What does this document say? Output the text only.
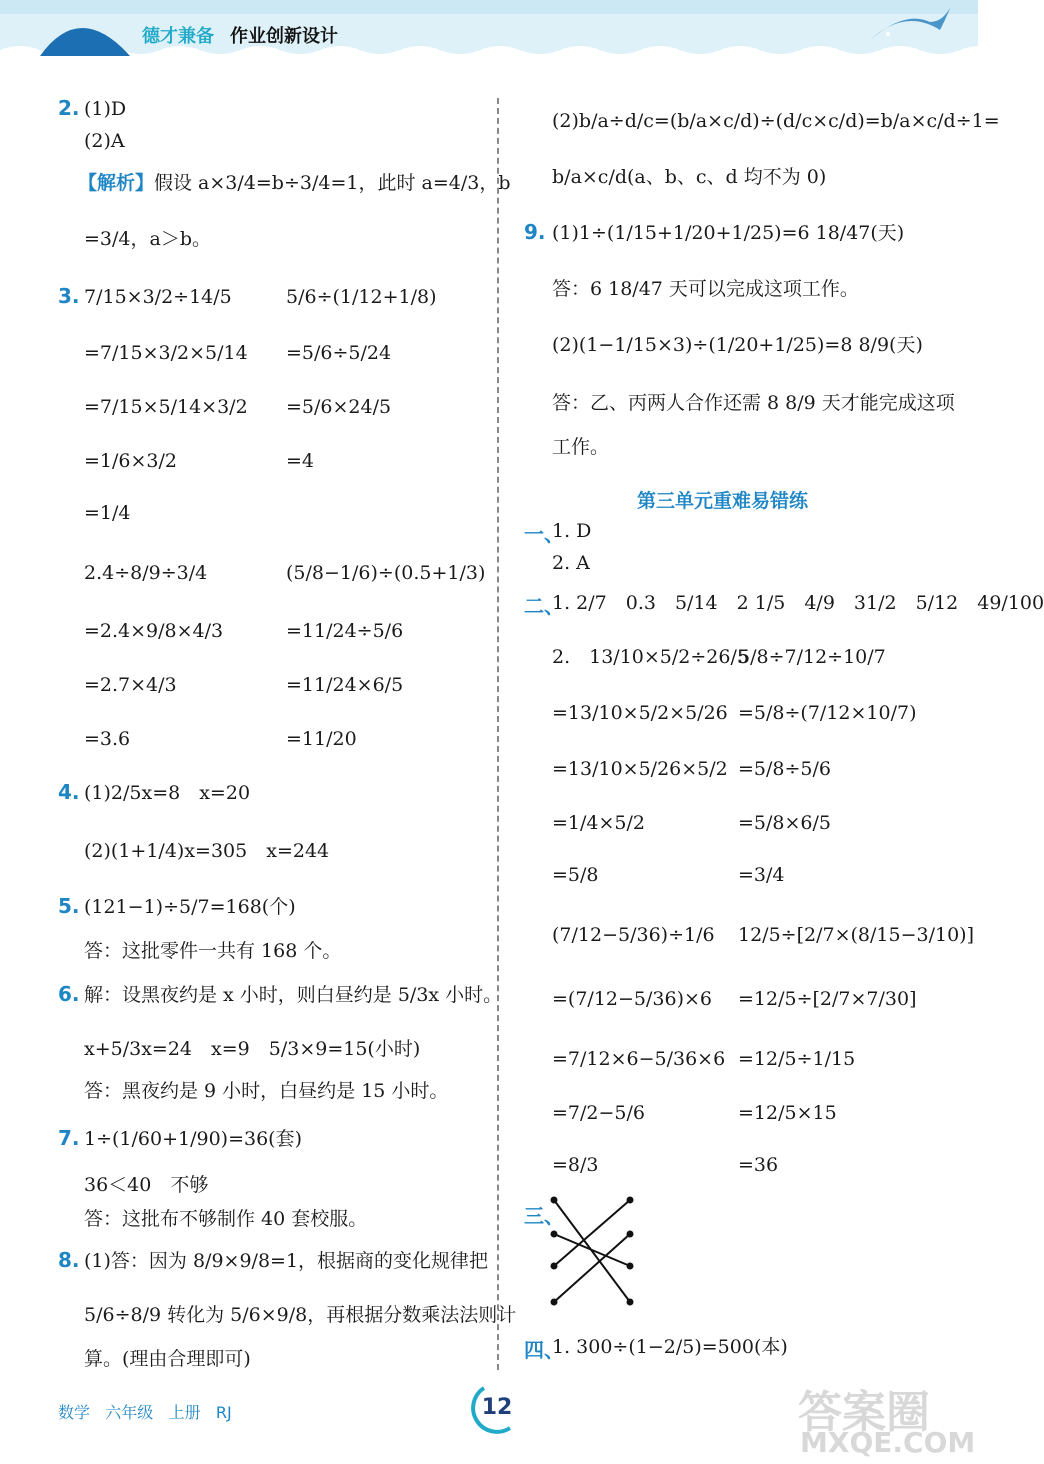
德才兼备 作业创新设计
2. (1)D
(2)A
【解析】假设 a×3/4=b÷3/4=1，此时 a=4/3，b
=3/4，a＞b。
3. 7/15×3/2÷14/5
=7/15×3/2×5/14
=7/15×5/14×3/2
=1/6×3/2
=1/4
2.4÷8/9÷3/4
=2.4×9/8×4/3
=2.7×4/3
=3.6
4. (1)2/5x=8　x=20
(2)(1+1/4)x=305　x=244
5. (121−1)÷5/7=168(个)
答：这批零件一共有 168 个。
6. 解：设黑夜约是 x 小时，则白昼约是 5/3x 小时。
x+5/3x=24　x=9　5/3×9=15(小时)
答：黑夜约是 9 小时，白昼约是 15 小时。
7. 1÷(1/60+1/90)=36(套)
36＜40　不够
答：这批布不够制作 40 套校服。
8. (1)答：因为 8/9×9/8=1，根据商的变化规律把
5/6÷8/9 转化为 5/6×9/8，再根据分数乘法法则计
算。(理由合理即可)
5/6÷(1/12+1/8)
=5/6÷5/24
=5/6×24/5
=4
(5/8−1/6)÷(0.5+1/3)
=11/24÷5/6
=11/24×6/5
=11/20
(2)b/a÷d/c=(b/a×c/d)÷(d/c×c/d)=b/a×c/d÷1=
b/a×c/d(a、b、c、d 均不为 0)
9. (1)1÷(1/15+1/20+1/25)=6 18/47(天)
答：6 18/47 天可以完成这项工作。
(2)(1−1/15×3)÷(1/20+1/25)=8 8/9(天)
答：乙、丙两人合作还需 8 8/9 天才能完成这项
工作。
一、
1. D
2. A
二、
1. 2/7　0.3　5/14　2 1/5　4/9　31/2　5/12　49/100
2.　13/10×5/2÷26/5
=13/10×5/2×5/26
=13/10×5/26×5/2
=1/4×5/2
=5/8
(7/12−5/36)÷1/6
=(7/12−5/36)×6
=7/12×6−5/36×6
=7/2−5/6
=8/3
三、
四、
1. 300÷(1−2/5)=500(本)
5/8÷7/12÷10/7
=5/8÷(7/12×10/7)
=5/8÷5/6
=5/8×6/5
=3/4
12/5÷[2/7×(8/15−3/10)]
=12/5÷[2/7×7/30]
=12/5÷1/15
=12/5×15
=36
第三单元重难易错练
数学 六年级 上册 RJ	12	答案圈
MXQE.COM
